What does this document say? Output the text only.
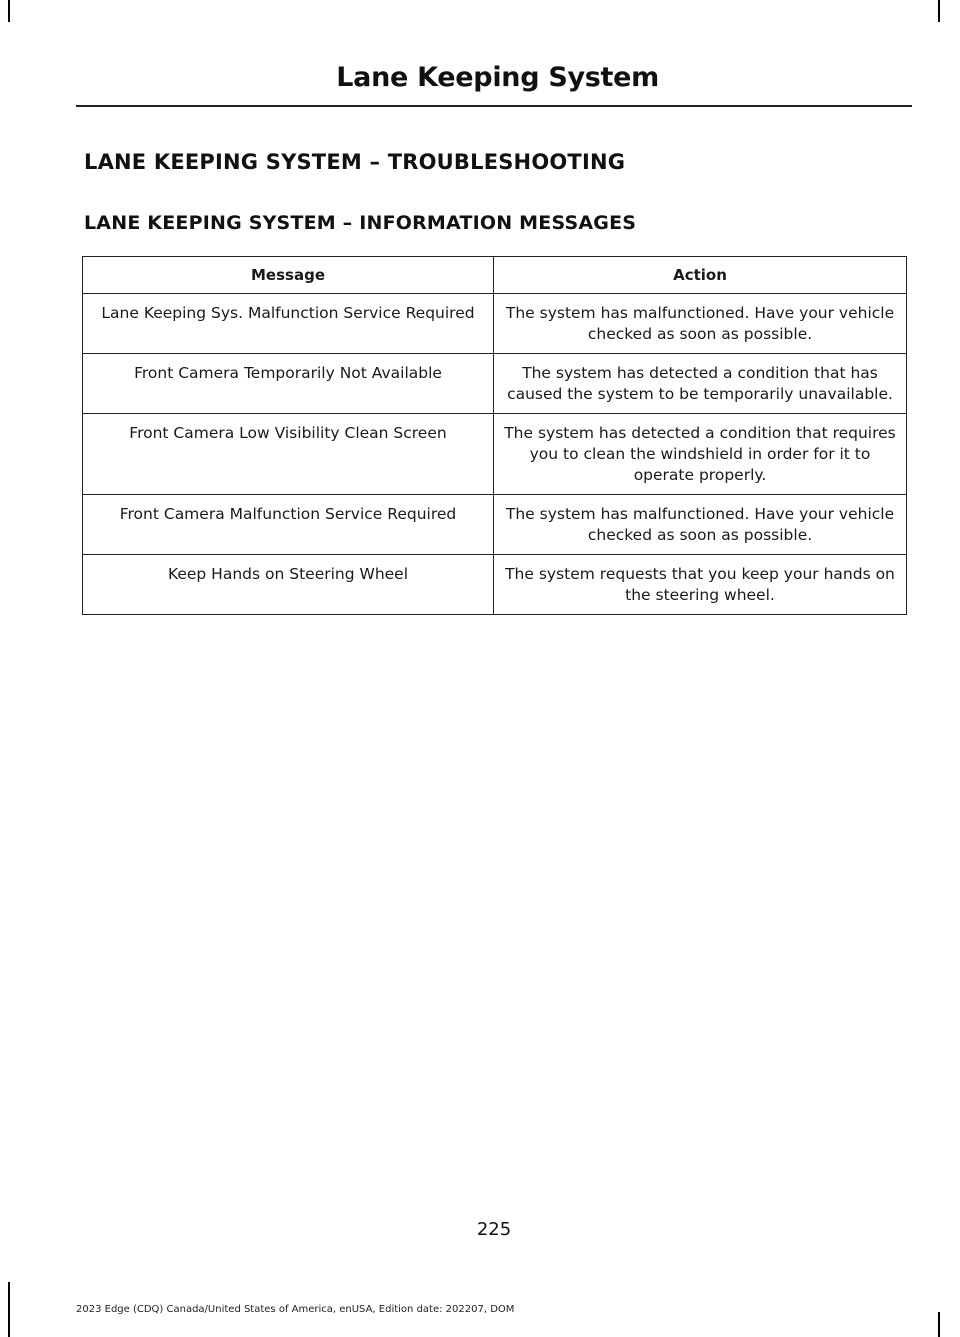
Lane Keeping System
LANE KEEPING SYSTEM – TROUBLESHOOTING
LANE KEEPING SYSTEM – INFORMATION MESSAGES
Message	Action
Lane Keeping Sys. Malfunction Service Required	The system has malfunctioned. Have your vehicle checked as soon as possible.
Front Camera Temporarily Not Available	The system has detected a condition that has caused the system to be temporarily unavailable.
Front Camera Low Visibility Clean Screen	The system has detected a condition that requires you to clean the windshield in order for it to operate properly.
Front Camera Malfunction Service Required	The system has malfunctioned. Have your vehicle checked as soon as possible.
Keep Hands on Steering Wheel	The system requests that you keep your hands on the steering wheel.
225
2023 Edge (CDQ) Canada/United States of America, enUSA, Edition date: 202207, DOM
